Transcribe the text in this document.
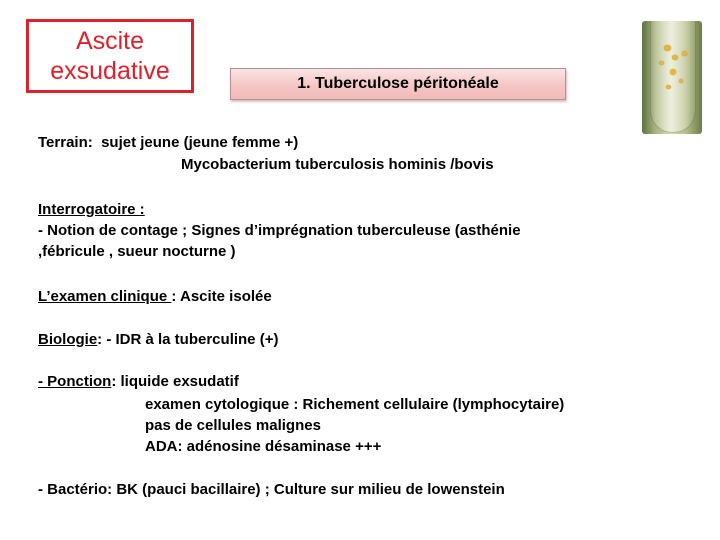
Ascite
exsudative	1. Tuberculose péritonéale
Terrain: sujet jeune (jeune femme +)
Mycobacterium tuberculosis hominis /bovis
Interrogatoire :
- Notion de contage ; Signes d’imprégnation tuberculeuse (asthénie
,fébricule , sueur nocturne )
L’examen clinique : Ascite isolée
Biologie: - IDR à la tuberculine (+)
- Ponction: liquide exsudatif
examen cytologique : Richement cellulaire (lymphocytaire)
pas de cellules malignes
ADA: adénosine désaminase +++
- Bactério: BK (pauci bacillaire) ; Culture sur milieu de lowenstein
